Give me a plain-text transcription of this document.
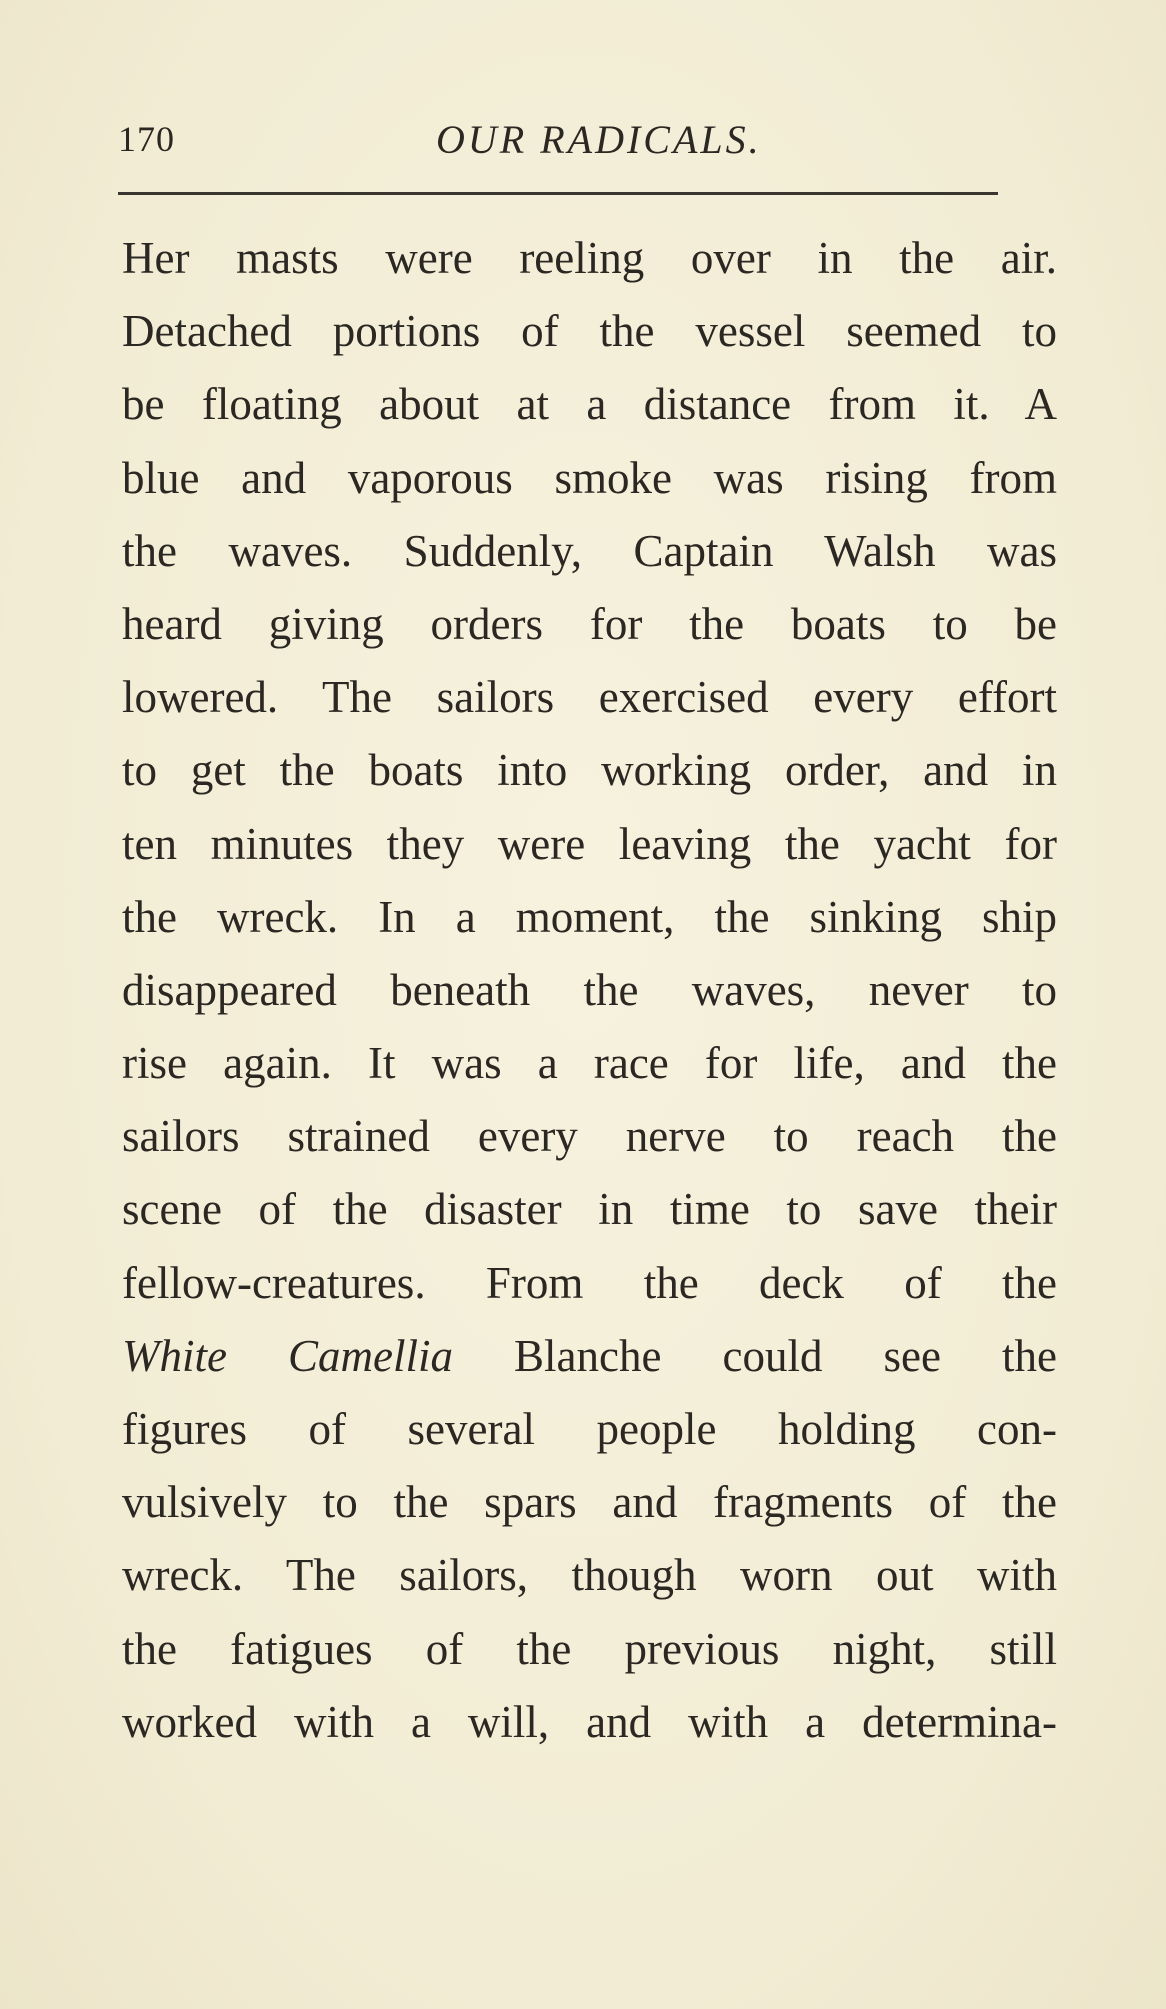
170	OUR RADICALS.
Her masts were reeling over in the air.
Detached portions of the vessel seemed to
be floating about at a distance from it. A
blue and vaporous smoke was rising from
the waves. Suddenly, Captain Walsh was
heard giving orders for the boats to be
lowered. The sailors exercised every effort
to get the boats into working order, and in
ten minutes they were leaving the yacht for
the wreck. In a moment, the sinking ship
disappeared beneath the waves, never to
rise again. It was a race for life, and the
sailors strained every nerve to reach the
scene of the disaster in time to save their
fellow-creatures. From the deck of the
White Camellia Blanche could see the
figures of several people holding con-
vulsively to the spars and fragments of the
wreck. The sailors, though worn out with
the fatigues of the previous night, still
worked with a will, and with a determina-
